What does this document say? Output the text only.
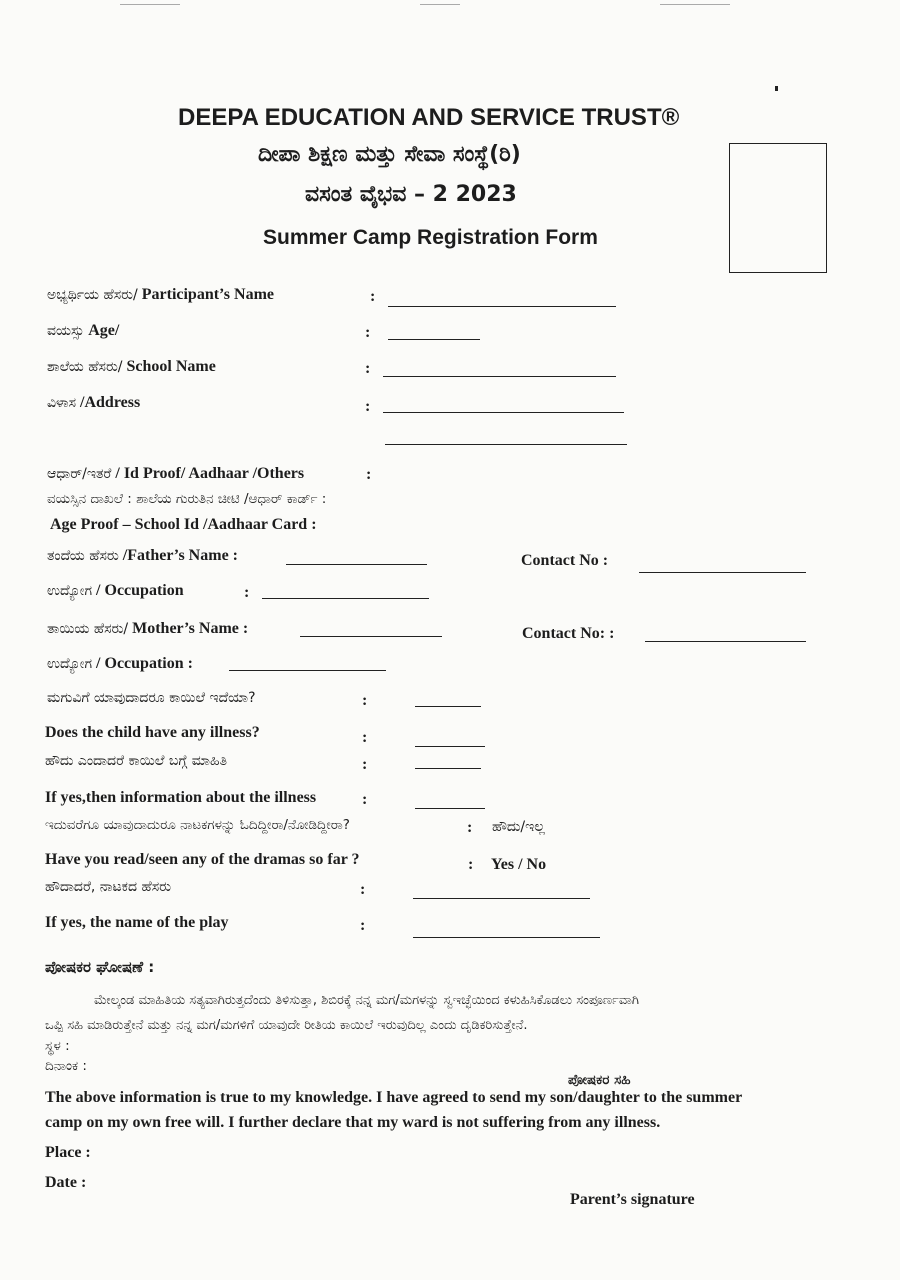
DEEPA EDUCATION AND SERVICE TRUST®
ದೀಪಾ ಶಿಕ್ಷಣ ಮತ್ತು ಸೇವಾ ಸಂಸ್ಥೆ(ರಿ)
ವಸಂತ ವೈಭವ – 2 2023
Summer Camp Registration Form
ಅಭ್ಯರ್ಥಿಯ ಹೆಸರು/ Participant’s Name	:
ವಯಸ್ಸು Age/	:
ಶಾಲೆಯ ಹೆಸರು/ School Name	:
ವಿಳಾಸ /Address	:
ಆಧಾರ್/ಇತರೆ / Id Proof/ Aadhaar /Others	:
ವಯಸ್ಸಿನ ದಾಖಲೆ : ಶಾಲೆಯ ಗುರುತಿನ ಚೀಟಿ /ಆಧಾರ್ ಕಾರ್ಡ್ :
Age Proof – School Id /Aadhaar Card :
ತಂದೆಯ ಹೆಸರು /Father’s Name :	Contact No :
ಉದ್ಯೋಗ / Occupation	:
ತಾಯಿಯ ಹೆಸರು/ Mother’s Name :	Contact No: :
ಉದ್ಯೋಗ / Occupation :
ಮಗುವಿಗೆ ಯಾವುದಾದರೂ ಕಾಯಿಲೆ ಇದೆಯಾ?	:
Does the child have any illness?	:
ಹೌದು ಎಂದಾದರೆ ಕಾಯಿಲೆ ಬಗ್ಗೆ ಮಾಹಿತಿ	:
If yes,then information about the illness	:
ಇದುವರೆಗೂ ಯಾವುದಾದುರೂ ನಾಟಕಗಳನ್ನು ಓದಿದ್ದೀರಾ/ನೋಡಿದ್ದೀರಾ?	: ಹೌದು/ಇಲ್ಲ
Have you read/seen any of the dramas so far ?	: Yes / No
ಹೌದಾದರೆ, ನಾಟಕದ ಹೆಸರು	:
If yes, the name of the play	:
ಪೋಷಕರ ಘೋಷಣೆ :
ಮೇಲ್ಕಂಡ ಮಾಹಿತಿಯ ಸತ್ಯವಾಗಿರುತ್ತದೆಂದು ತಿಳಿಸುತ್ತಾ, ಶಿಬಿರಕ್ಕೆ ನನ್ನ ಮಗ/ಮಗಳನ್ನು ಸ್ವಇಚ್ಛೆಯಿಂದ ಕಳುಹಿಸಿಕೊಡಲು ಸಂಪೂರ್ಣವಾಗಿ
ಒಪ್ಪಿ ಸಹಿ ಮಾಡಿರುತ್ತೇನೆ ಮತ್ತು ನನ್ನ ಮಗ/ಮಗಳಿಗೆ ಯಾವುದೇ ರೀತಿಯ ಕಾಯಿಲೆ ಇರುವುದಿಲ್ಲ ಎಂದು ದೃಡಿಕರಿಸುತ್ತೇನೆ.
ಸ್ಥಳ :
ದಿನಾಂಕ :
ಪೋಷಕರ ಸಹಿ
The above information is true to my knowledge. I have agreed to send my son/daughter to the summer
camp on my own free will. I further declare that my ward is not suffering from any illness.
Place :
Date :
Parent’s signature
